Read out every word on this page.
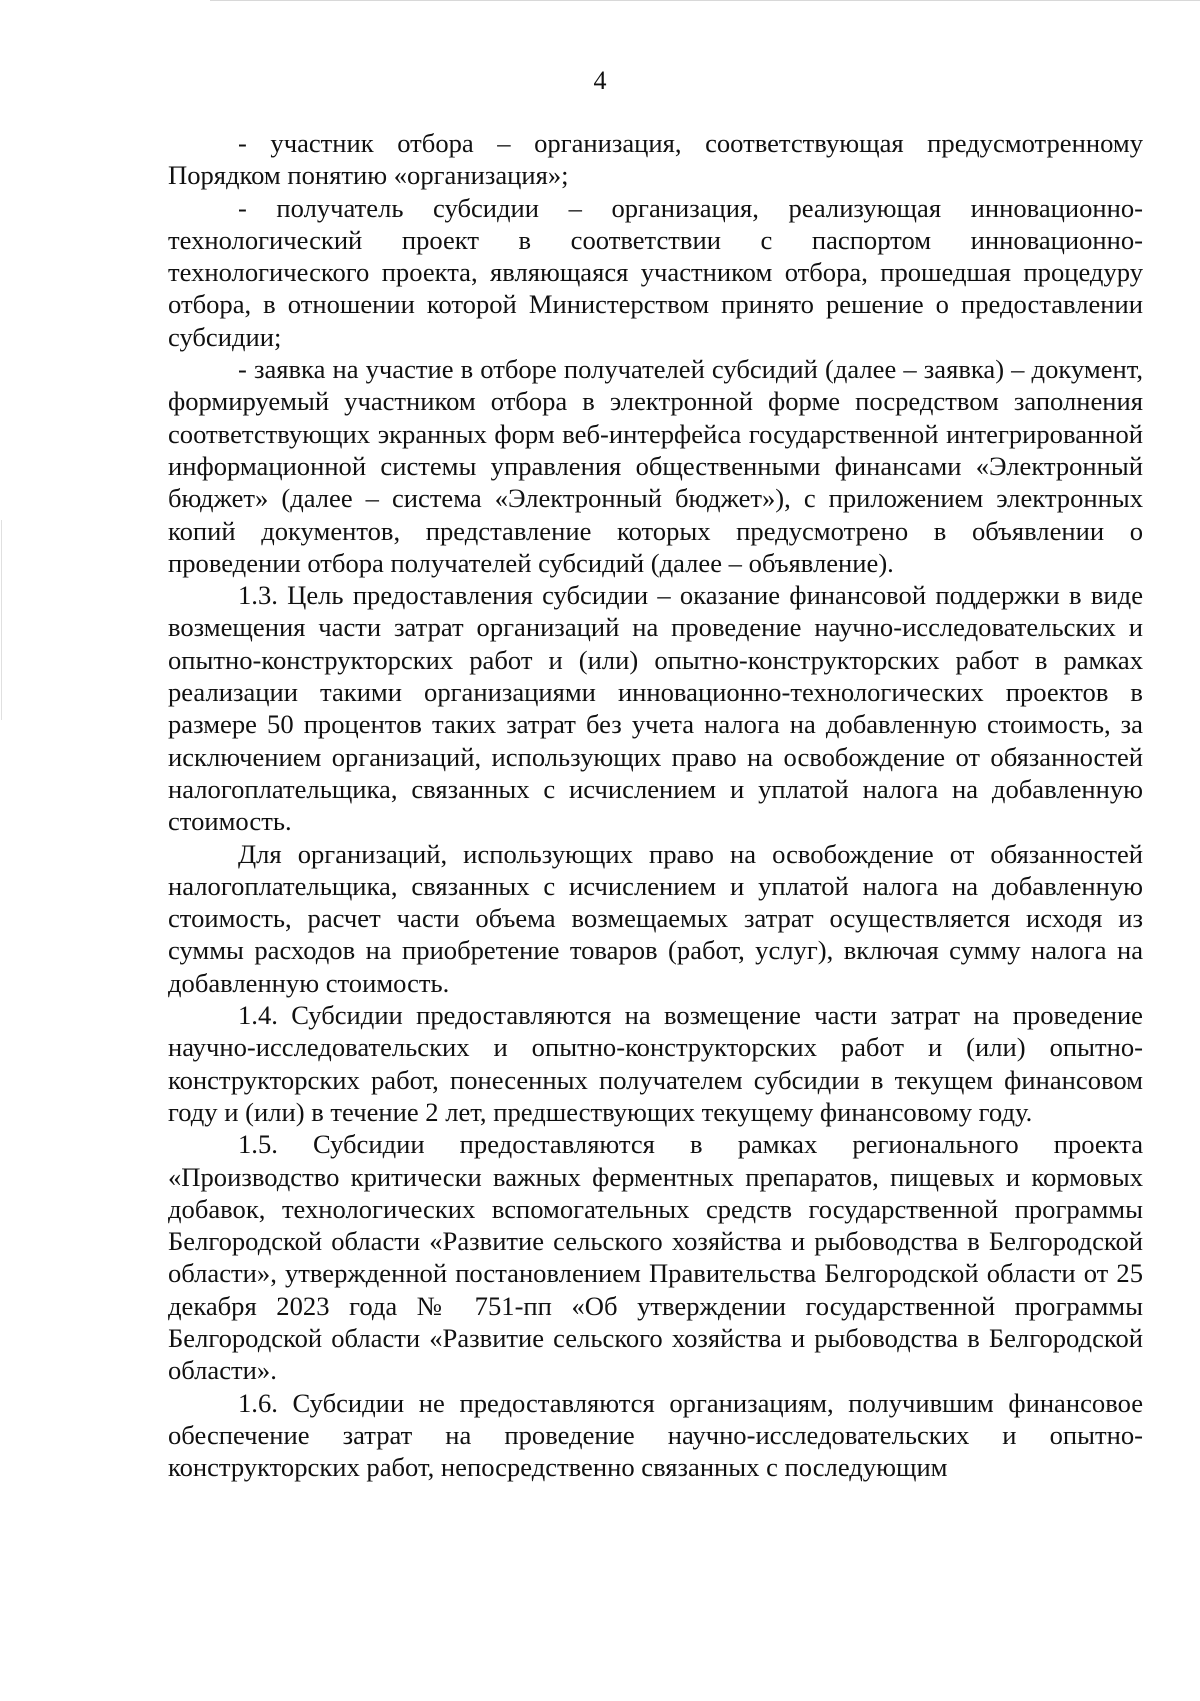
4

- участник отбора – организация, соответствующая предусмотренному Порядком понятию «организация»;

- получатель субсидии – организация, реализующая инновационно-технологический проект в соответствии с паспортом инновационно-технологического проекта, являющаяся участником отбора, прошедшая процедуру отбора, в отношении которой Министерством принято решение о предоставлении субсидии;

- заявка на участие в отборе получателей субсидий (далее – заявка) – документ, формируемый участником отбора в электронной форме посредством заполнения соответствующих экранных форм веб-интерфейса государственной интегрированной информационной системы управления общественными финансами «Электронный бюджет» (далее – система «Электронный бюджет»), с приложением электронных копий документов, представление которых предусмотрено в объявлении о проведении отбора получателей субсидий (далее – объявление).

1.3. Цель предоставления субсидии – оказание финансовой поддержки в виде возмещения части затрат организаций на проведение научно-исследовательских и опытно-конструкторских работ и (или) опытно-конструкторских работ в рамках реализации такими организациями инновационно-технологических проектов в размере 50 процентов таких затрат без учета налога на добавленную стоимость, за исключением организаций, использующих право на освобождение от обязанностей налогоплательщика, связанных с исчислением и уплатой налога на добавленную стоимость.

Для организаций, использующих право на освобождение от обязанностей налогоплательщика, связанных с исчислением и уплатой налога на добавленную стоимость, расчет части объема возмещаемых затрат осуществляется исходя из суммы расходов на приобретение товаров (работ, услуг), включая сумму налога на добавленную стоимость.

1.4. Субсидии предоставляются на возмещение части затрат на проведение научно-исследовательских и опытно-конструкторских работ и (или) опытно-конструкторских работ, понесенных получателем субсидии в текущем финансовом году и (или) в течение 2 лет, предшествующих текущему финансовому году.

1.5. Субсидии предоставляются в рамках регионального проекта «Производство критически важных ферментных препаратов, пищевых и кормовых добавок, технологических вспомогательных средств государственной программы Белгородской области «Развитие сельского хозяйства и рыбоводства в Белгородской области», утвержденной постановлением Правительства Белгородской области от 25 декабря 2023 года № 751-пп «Об утверждении государственной программы Белгородской области «Развитие сельского хозяйства и рыбоводства в Белгородской области».

1.6. Субсидии не предоставляются организациям, получившим финансовое обеспечение затрат на проведение научно-исследовательских и опытно-конструкторских работ, непосредственно связанных с последующим
